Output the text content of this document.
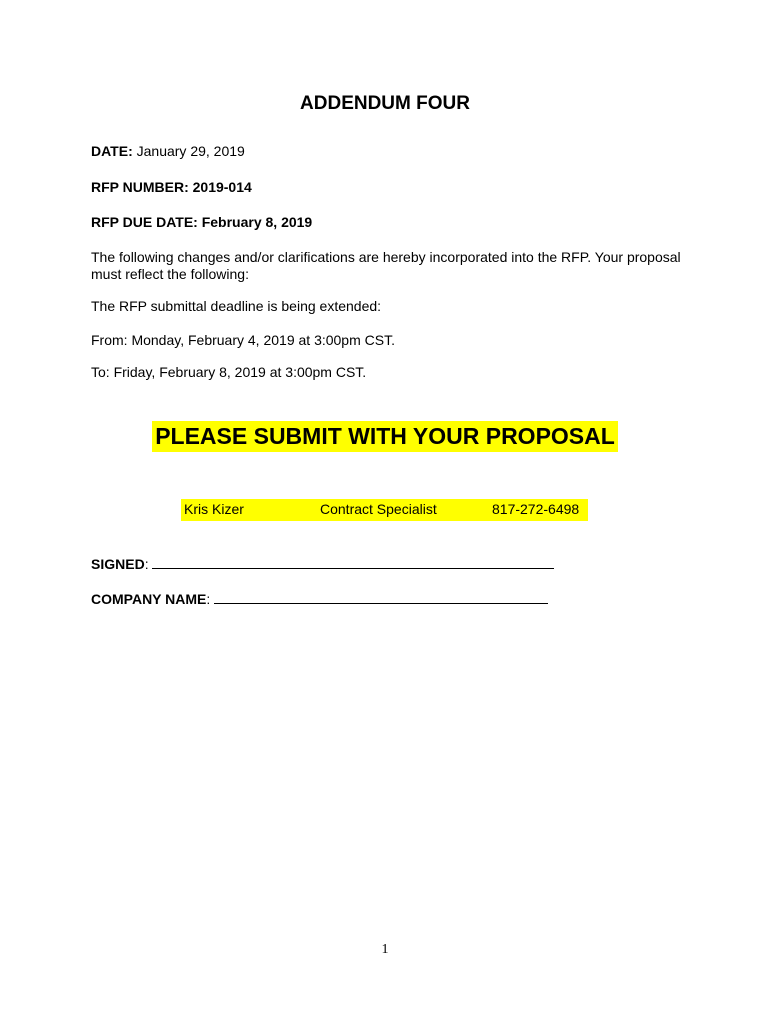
ADDENDUM FOUR
DATE: January 29, 2019
RFP NUMBER: 2019-014
RFP DUE DATE: February 8, 2019
The following changes and/or clarifications are hereby incorporated into the RFP. Your proposal must reflect the following:
The RFP submittal deadline is being extended:
From: Monday, February 4, 2019 at 3:00pm CST.
To: Friday, February 8, 2019 at 3:00pm CST.
PLEASE SUBMIT WITH YOUR PROPOSAL
Kris Kizer	Contract Specialist	817-272-6498
SIGNED:
COMPANY NAME:
1
